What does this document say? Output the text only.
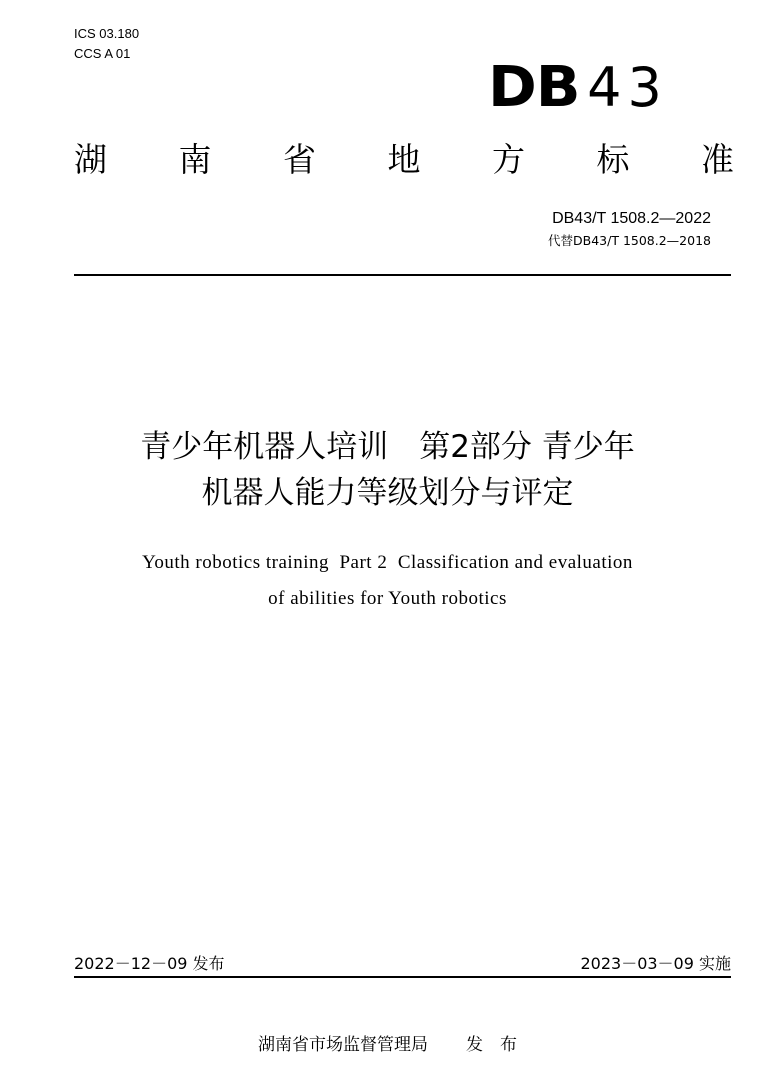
ICS 03.180
CCS A 01
DB 43
湖 南 省 地 方 标 准
DB43/T 1508.2—2022
代替DB43/T 1508.2—2018
青少年机器人培训　第2部分 青少年
机器人能力等级划分与评定
Youth robotics training  Part 2  Classification and evaluation
of abilities for Youth robotics
2022－12－09 发布	2023－03－09 实施
湖南省市场监督管理局 发　布
